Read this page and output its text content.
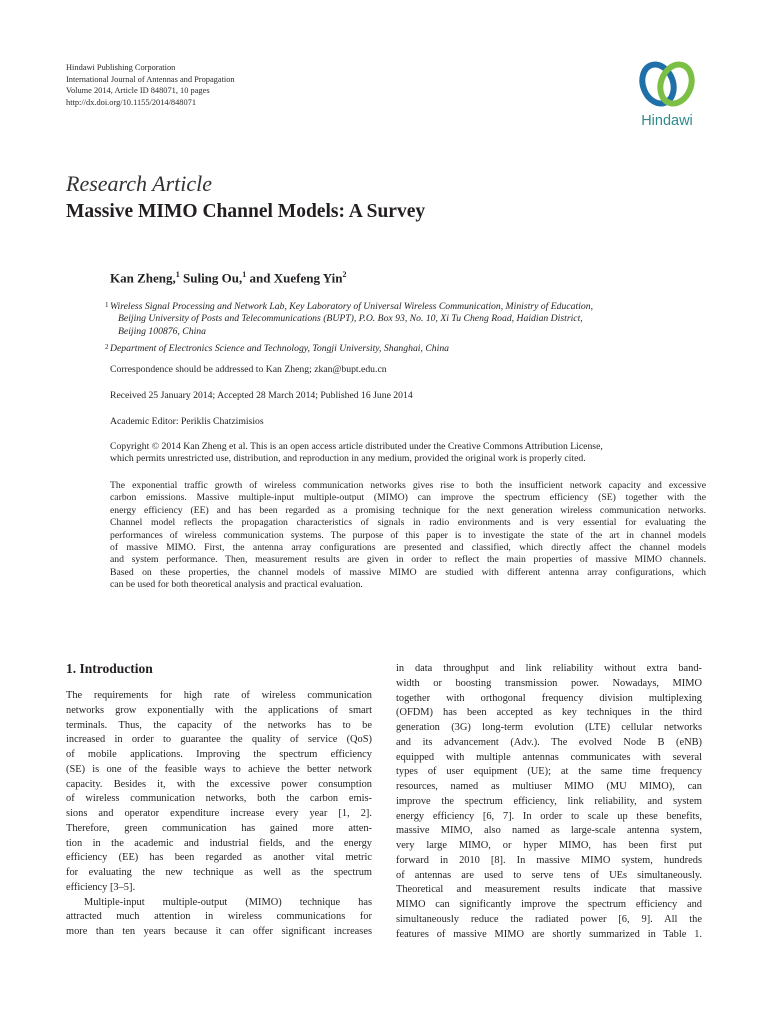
Hindawi Publishing Corporation
International Journal of Antennas and Propagation
Volume 2014, Article ID 848071, 10 pages
http://dx.doi.org/10.1155/2014/848071
Hindawi
Research Article
Massive MIMO Channel Models: A Survey
Kan Zheng,$^1$ Suling Ou,$^1$ and Xuefeng Yin$^2$
1 Wireless Signal Processing and Network Lab, Key Laboratory of Universal Wireless Communication, Ministry of Education,
Beijing University of Posts and Telecommunications (BUPT), P.O. Box 93, No. 10, Xi Tu Cheng Road, Haidian District,
Beijing 100876, China
2 Department of Electronics Science and Technology, Tongji University, Shanghai, China
Correspondence should be addressed to Kan Zheng; zkan@bupt.edu.cn
Received 25 January 2014; Accepted 28 March 2014; Published 16 June 2014
Academic Editor: Periklis Chatzimisios
Copyright © 2014 Kan Zheng et al. This is an open access article distributed under the Creative Commons Attribution License,
which permits unrestricted use, distribution, and reproduction in any medium, provided the original work is properly cited.
The exponential traffic growth of wireless communication networks gives rise to both the insufficient network capacity and excessive
carbon emissions. Massive multiple-input multiple-output (MIMO) can improve the spectrum efficiency (SE) together with the
energy efficiency (EE) and has been regarded as a promising technique for the next generation wireless communication networks.
Channel model reflects the propagation characteristics of signals in radio environments and is very essential for evaluating the
performances of wireless communication systems. The purpose of this paper is to investigate the state of the art in channel models
of massive MIMO. First, the antenna array configurations are presented and classified, which directly affect the channel models
and system performance. Then, measurement results are given in order to reflect the main properties of massive MIMO channels.
Based on these properties, the channel models of massive MIMO are studied with different antenna array configurations, which
can be used for both theoretical analysis and practical evaluation.
1. Introduction
The requirements for high rate of wireless communication
networks grow exponentially with the applications of smart
terminals. Thus, the capacity of the networks has to be
increased in order to guarantee the quality of service (QoS)
of mobile applications. Improving the spectrum efficiency
(SE) is one of the feasible ways to achieve the better network
capacity. Besides it, with the excessive power consumption
of wireless communication networks, both the carbon emis-
sions and operator expenditure increase every year [1, 2].
Therefore, green communication has gained more atten-
tion in the academic and industrial fields, and the energy
efficiency (EE) has been regarded as another vital metric
for evaluating the new technique as well as the spectrum
efficiency [3–5].
Multiple-input multiple-output (MIMO) technique has
attracted much attention in wireless communications for
more than ten years because it can offer significant increases
in data throughput and link reliability without extra band-
width or boosting transmission power. Nowadays, MIMO
together with orthogonal frequency division multiplexing
(OFDM) has been accepted as key techniques in the third
generation (3G) long-term evolution (LTE) cellular networks
and its advancement (Adv.). The evolved Node B (eNB)
equipped with multiple antennas communicates with several
types of user equipment (UE); at the same time frequency
resources, named as multiuser MIMO (MU MIMO), can
improve the spectrum efficiency, link reliability, and system
energy efficiency [6, 7]. In order to scale up these benefits,
massive MIMO, also named as large-scale antenna system,
very large MIMO, or hyper MIMO, has been first put
forward in 2010 [8]. In massive MIMO system, hundreds
of antennas are used to serve tens of UEs simultaneously.
Theoretical and measurement results indicate that massive
MIMO can significantly improve the spectrum efficiency and
simultaneously reduce the radiated power [6, 9]. All the
features of massive MIMO are shortly summarized in Table 1.
